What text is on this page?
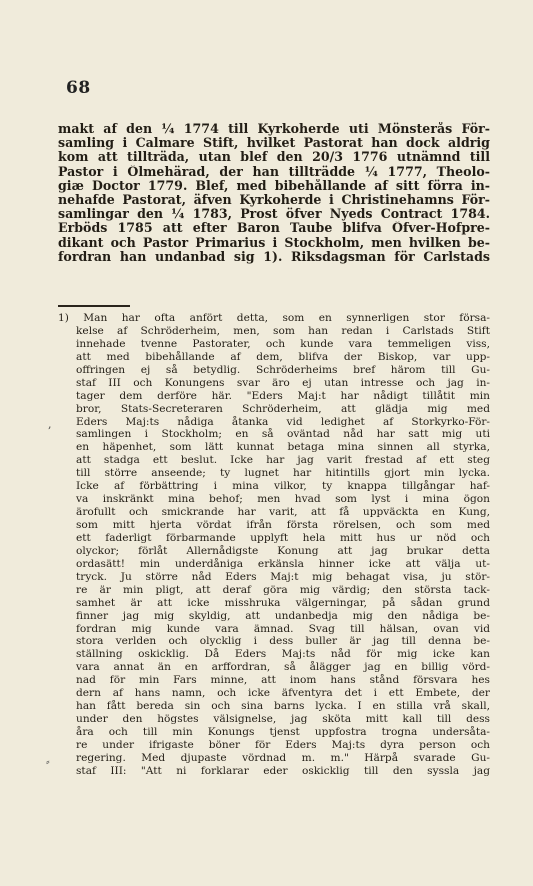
68
makt af den ¼ 1774 till Kyrkoherde uti Mönsterås För-
samling i Calmare Stift, hvilket Pastorat han dock aldrig
kom att tillträda, utan blef den 20/3 1776 utnämnd till
Pastor i Ölmehärad, der han tillträdde ¼ 1777, Theolo-
giæ Doctor 1779. Blef, med bibehållande af sitt förra in-
nehafde Pastorat, äfven Kyrkoherde i Christinehamns För-
samlingar den ¼ 1783, Prost öfver Nyeds Contract 1784.
Erböds 1785 att efter Baron Taube blifva Öfver-Hofpre-
dikant och Pastor Primarius i Stockholm, men hvilken be-
fordran han undanbad sig 1). Riksdagsman för Carlstads
1) Man har ofta anfört detta, som en synnerligen stor försa-
kelse af Schröderheim, men, som han redan i Carlstads Stift
innehade tvenne Pastorater, och kunde vara temmeligen viss,
att med bibehållande af dem, blifva der Biskop, var upp-
offringen ej så betydlig. Schröderheims bref härom till Gu-
staf III och Konungens svar äro ej utan intresse och jag in-
tager dem derföre här. "Eders Maj:t har nådigt tillåtit min
bror, Stats-Secreteraren Schröderheim, att glädja mig med
Eders Maj:ts nådiga åtanka vid ledighet af Storkyrko-För-
samlingen i Stockholm; en så oväntad nåd har satt mig uti
en häpenhet, som lätt kunnat betaga mina sinnen all styrka,
att stadga ett beslut. Icke har jag varit frestad af ett steg
till större anseende; ty lugnet har hitintills gjort min lycka.
Icke af förbättring i mina vilkor, ty knappa tillgångar haf-
va inskränkt mina behof; men hvad som lyst i mina ögon
ärofullt och smickrande har varit, att få uppväckta en Kung,
som mitt hjerta vördat ifrån första rörelsen, och som med
ett faderligt förbarmande upplyft hela mitt hus ur nöd och
olyckor; förlåt Allernådigste Konung att jag brukar detta
ordasätt! min underdåniga erkänsla hinner icke att välja ut-
tryck. Ju större nåd Eders Maj:t mig behagat visa, ju stör-
re är min pligt, att deraf göra mig värdig; den största tack-
samhet är att icke misshruka välgerningar, på sådan grund
finner jag mig skyldig, att undanbedja mig den nådiga be-
fordran mig kunde vara ämnad. Svag till hälsan, ovan vid
stora verlden och olycklig i dess buller är jag till denna be-
ställning oskicklig. Då Eders Maj:ts nåd för mig icke kan
vara annat än en arffordran, så ålägger jag en billig vörd-
nad för min Fars minne, att inom hans stånd försvara hes
dern af hans namn, och icke äfventyra det i ett Embete, der
han fått bereda sin och sina barns lycka. I en stilla vrå skall,
under den högstes välsignelse, jag sköta mitt kall till dess
åra och till min Konungs tjenst uppfostra trogna undersåta-
re under ifrigaste böner för Eders Maj:ts dyra person och
regering. Med djupaste vördnad m. m." Härpå svarade Gu-
staf III: "Att ni forklarar eder oskicklig till den syssla jag
,
⸗
